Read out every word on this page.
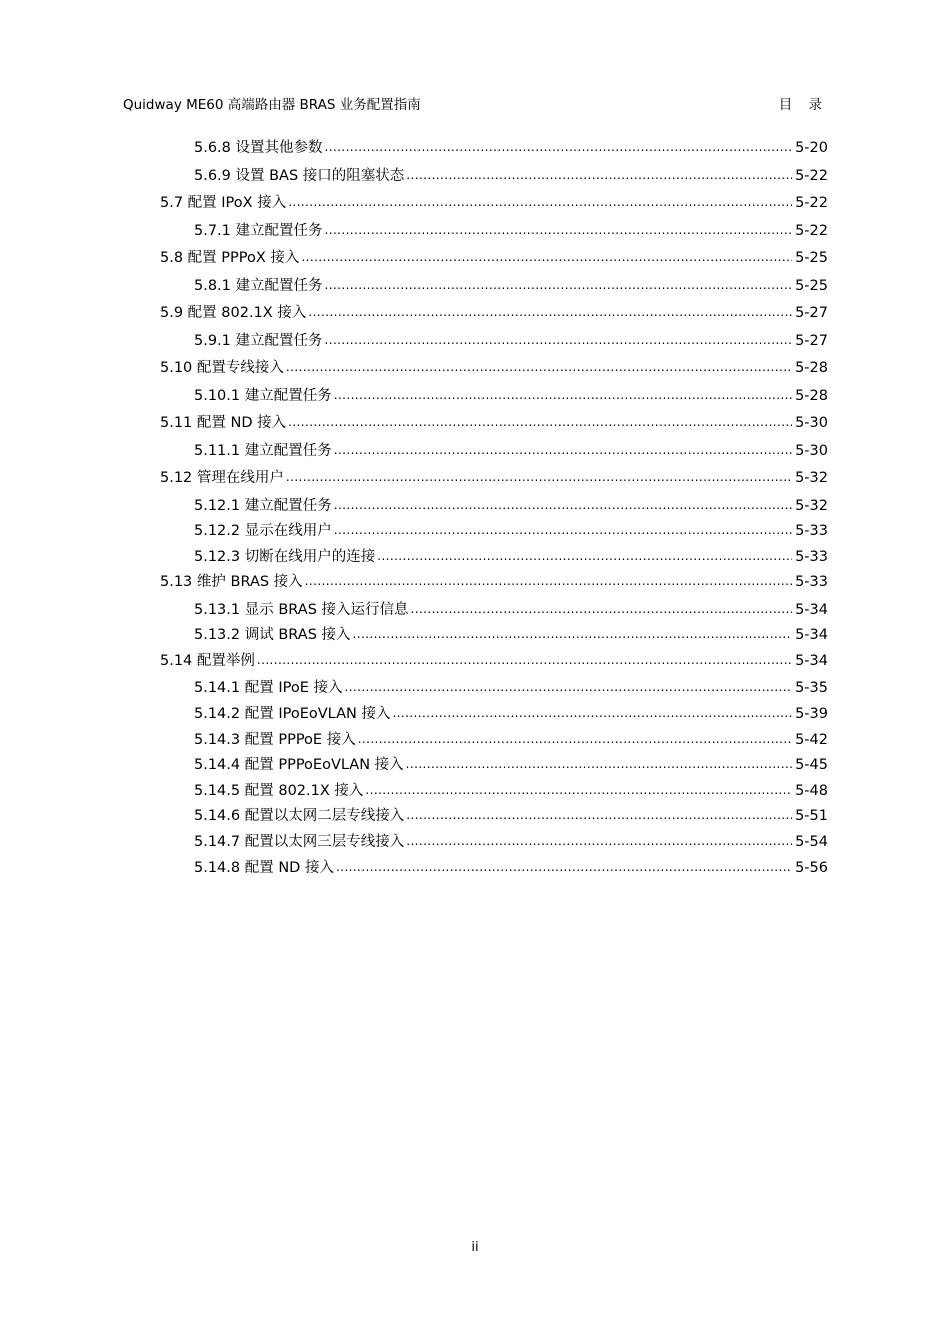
Quidway ME60 高端路由器 BRAS 业务配置指南	目 录
5.6.8 设置其他参数 .....	5-20
5.6.9 设置 BAS 接口的阻塞状态 .....	5-22
5.7 配置 IPoX 接入 .....	5-22
5.7.1 建立配置任务 .....	5-22
5.8 配置 PPPoX 接入 .....	5-25
5.8.1 建立配置任务 .....	5-25
5.9 配置 802.1X 接入 .....	5-27
5.9.1 建立配置任务 .....	5-27
5.10 配置专线接入 .....	5-28
5.10.1 建立配置任务 .....	5-28
5.11 配置 ND 接入 .....	5-30
5.11.1 建立配置任务 .....	5-30
5.12 管理在线用户 .....	5-32
5.12.1 建立配置任务 .....	5-32
5.12.2 显示在线用户 .....	5-33
5.12.3 切断在线用户的连接 .....	5-33
5.13 维护 BRAS 接入 .....	5-33
5.13.1 显示 BRAS 接入运行信息 .....	5-34
5.13.2 调试 BRAS 接入 .....	5-34
5.14 配置举例 .....	5-34
5.14.1 配置 IPoE 接入 .....	5-35
5.14.2 配置 IPoEoVLAN 接入 .....	5-39
5.14.3 配置 PPPoE 接入 .....	5-42
5.14.4 配置 PPPoEoVLAN 接入 .....	5-45
5.14.5 配置 802.1X 接入 .....	5-48
5.14.6 配置以太网二层专线接入 .....	5-51
5.14.7 配置以太网三层专线接入 .....	5-54
5.14.8 配置 ND 接入 .....	5-56
ii
